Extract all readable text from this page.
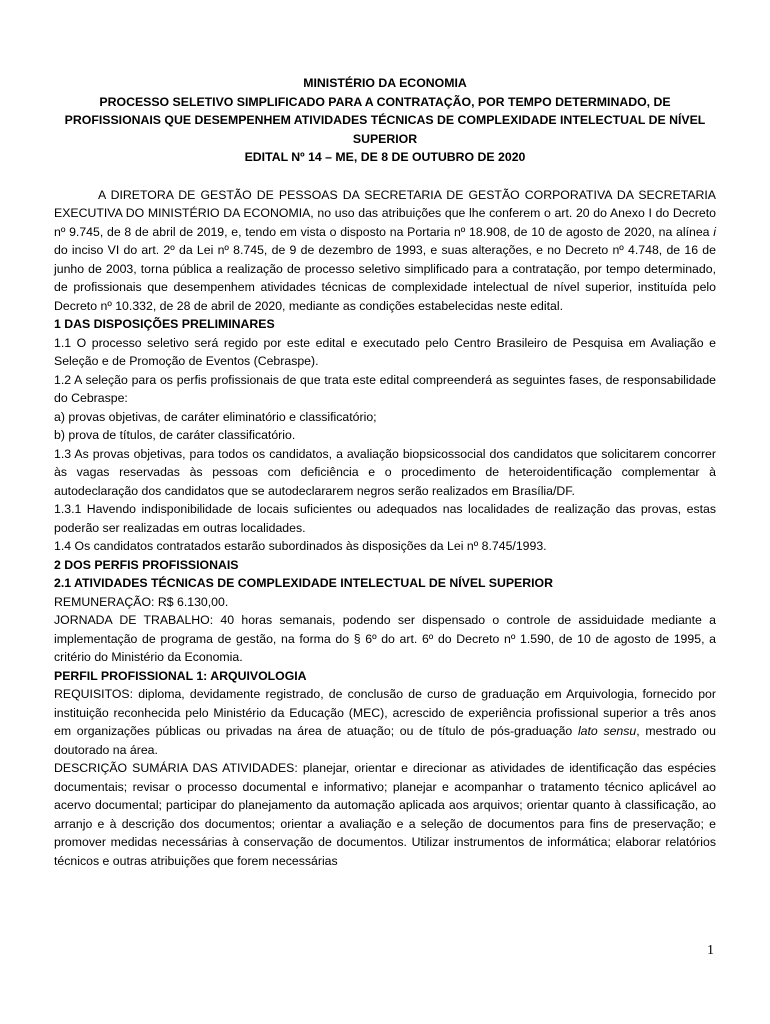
MINISTÉRIO DA ECONOMIA
PROCESSO SELETIVO SIMPLIFICADO PARA A CONTRATAÇÃO, POR TEMPO DETERMINADO, DE PROFISSIONAIS QUE DESEMPENHEM ATIVIDADES TÉCNICAS DE COMPLEXIDADE INTELECTUAL DE NÍVEL SUPERIOR
EDITAL Nº 14 – ME, DE 8 DE OUTUBRO DE 2020

A DIRETORA DE GESTÃO DE PESSOAS DA SECRETARIA DE GESTÃO CORPORATIVA DA SECRETARIA EXECUTIVA DO MINISTÉRIO DA ECONOMIA, no uso das atribuições que lhe conferem o art. 20 do Anexo I do Decreto nº 9.745, de 8 de abril de 2019, e, tendo em vista o disposto na Portaria nº 18.908, de 10 de agosto de 2020, na alínea i do inciso VI do art. 2º da Lei nº 8.745, de 9 de dezembro de 1993, e suas alterações, e no Decreto nº 4.748, de 16 de junho de 2003, torna pública a realização de processo seletivo simplificado para a contratação, por tempo determinado, de profissionais que desempenhem atividades técnicas de complexidade intelectual de nível superior, instituída pelo Decreto nº 10.332, de 28 de abril de 2020, mediante as condições estabelecidas neste edital.

1 DAS DISPOSIÇÕES PRELIMINARES

1.1 O processo seletivo será regido por este edital e executado pelo Centro Brasileiro de Pesquisa em Avaliação e Seleção e de Promoção de Eventos (Cebraspe).

1.2 A seleção para os perfis profissionais de que trata este edital compreenderá as seguintes fases, de responsabilidade do Cebraspe:

a) provas objetivas, de caráter eliminatório e classificatório;

b) prova de títulos, de caráter classificatório.

1.3 As provas objetivas, para todos os candidatos, a avaliação biopsicossocial dos candidatos que solicitarem concorrer às vagas reservadas às pessoas com deficiência e o procedimento de heteroidentificação complementar à autodeclaração dos candidatos que se autodeclararem negros serão realizados em Brasília/DF.

1.3.1 Havendo indisponibilidade de locais suficientes ou adequados nas localidades de realização das provas, estas poderão ser realizadas em outras localidades.

1.4 Os candidatos contratados estarão subordinados às disposições da Lei nº 8.745/1993.

2 DOS PERFIS PROFISSIONAIS

2.1 ATIVIDADES TÉCNICAS DE COMPLEXIDADE INTELECTUAL DE NÍVEL SUPERIOR

REMUNERAÇÃO: R$ 6.130,00.

JORNADA DE TRABALHO: 40 horas semanais, podendo ser dispensado o controle de assiduidade mediante a implementação de programa de gestão, na forma do § 6º do art. 6º do Decreto nº 1.590, de 10 de agosto de 1995, a critério do Ministério da Economia.

PERFIL PROFISSIONAL 1: ARQUIVOLOGIA

REQUISITOS: diploma, devidamente registrado, de conclusão de curso de graduação em Arquivologia, fornecido por instituição reconhecida pelo Ministério da Educação (MEC), acrescido de experiência profissional superior a três anos em organizações públicas ou privadas na área de atuação; ou de título de pós-graduação lato sensu, mestrado ou doutorado na área.

DESCRIÇÃO SUMÁRIA DAS ATIVIDADES: planejar, orientar e direcionar as atividades de identificação das espécies documentais; revisar o processo documental e informativo; planejar e acompanhar o tratamento técnico aplicável ao acervo documental; participar do planejamento da automação aplicada aos arquivos; orientar quanto à classificação, ao arranjo e à descrição dos documentos; orientar a avaliação e a seleção de documentos para fins de preservação; e promover medidas necessárias à conservação de documentos. Utilizar instrumentos de informática; elaborar relatórios técnicos e outras atribuições que forem necessárias

1
